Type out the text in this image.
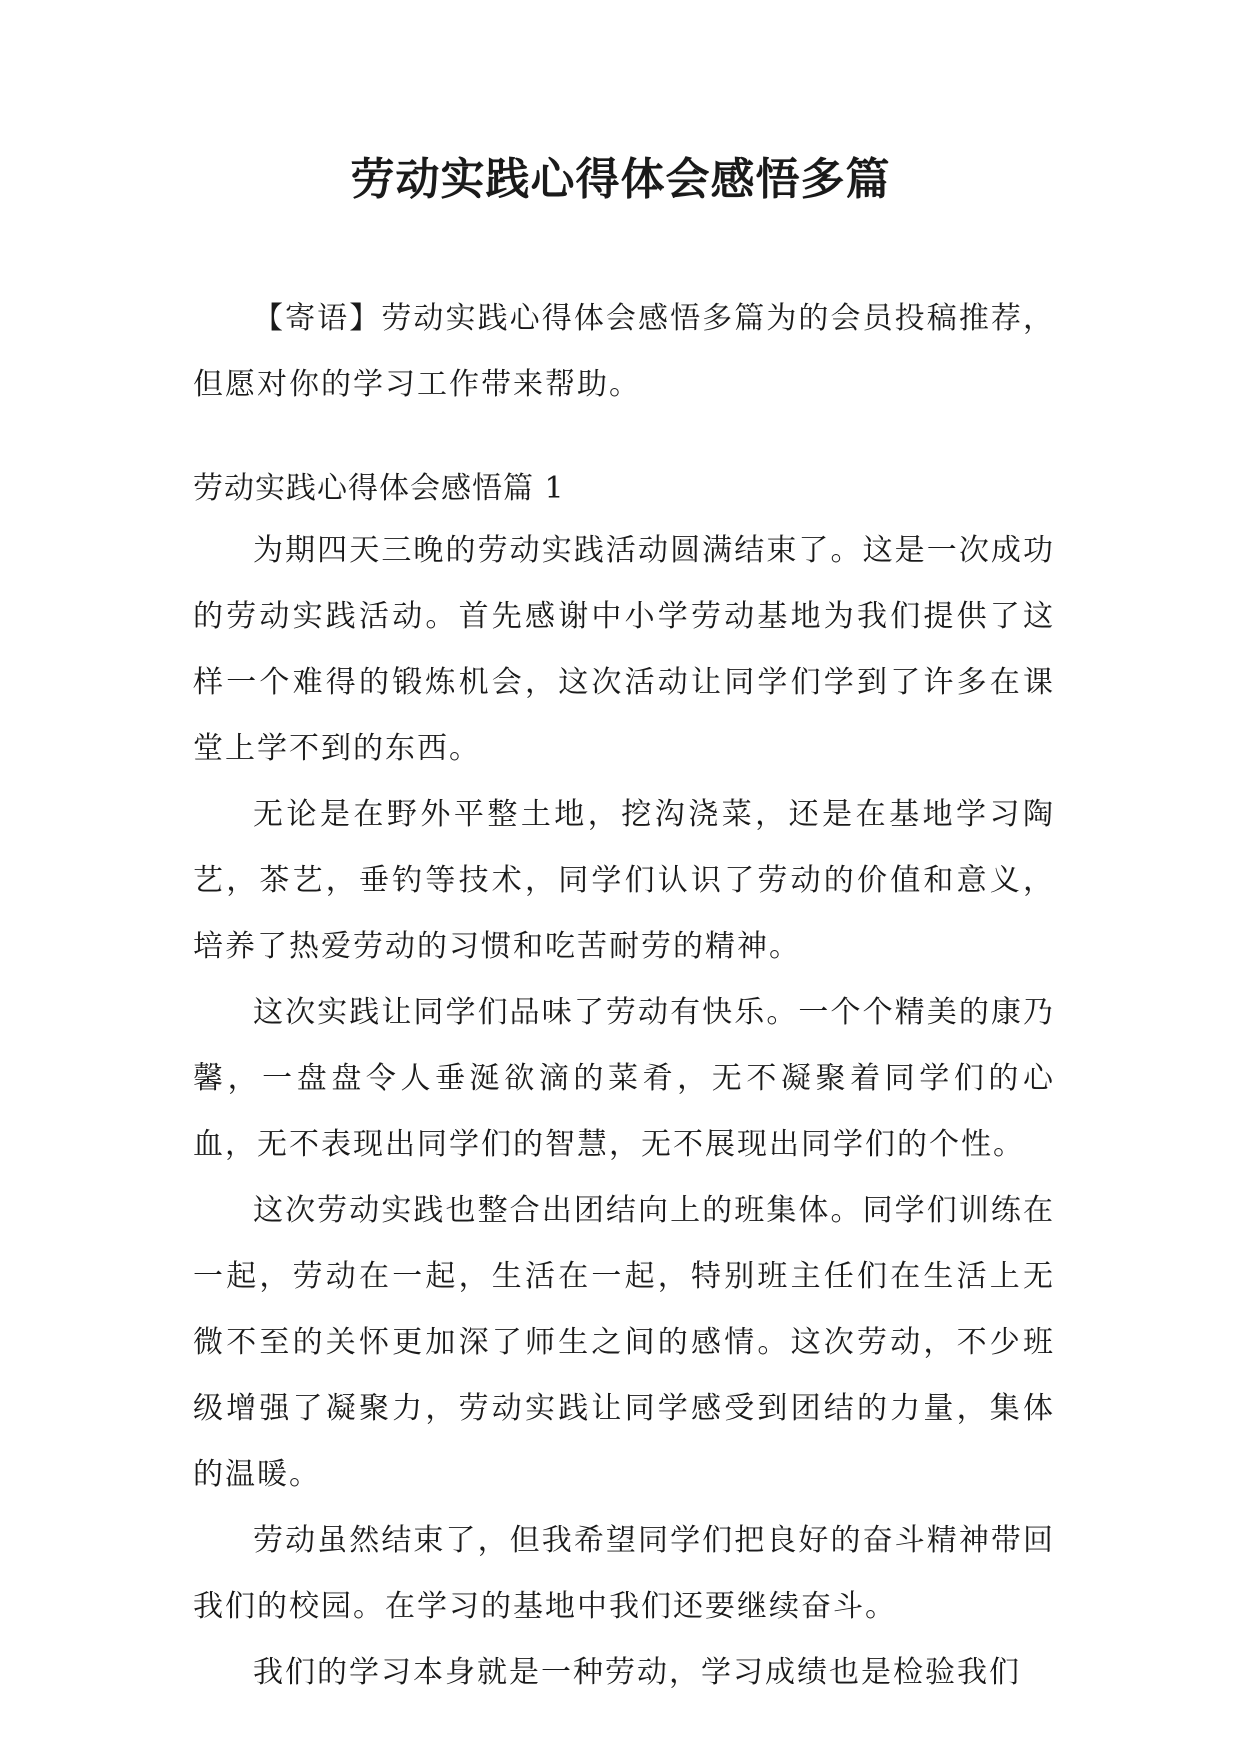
劳动实践心得体会感悟多篇

【寄语】劳动实践心得体会感悟多篇为的会员投稿推荐，但愿对你的学习工作带来帮助。

劳动实践心得体会感悟篇 1

为期四天三晚的劳动实践活动圆满结束了。这是一次成功的劳动实践活动。首先感谢中小学劳动基地为我们提供了这样一个难得的锻炼机会，这次活动让同学们学到了许多在课堂上学不到的东西。

无论是在野外平整土地，挖沟浇菜，还是在基地学习陶艺，茶艺，垂钓等技术，同学们认识了劳动的价值和意义，培养了热爱劳动的习惯和吃苦耐劳的精神。

这次实践让同学们品味了劳动有快乐。一个个精美的康乃馨，一盘盘令人垂涎欲滴的菜肴，无不凝聚着同学们的心血，无不表现出同学们的智慧，无不展现出同学们的个性。

这次劳动实践也整合出团结向上的班集体。同学们训练在一起，劳动在一起，生活在一起，特别班主任们在生活上无微不至的关怀更加深了师生之间的感情。这次劳动，不少班级增强了凝聚力，劳动实践让同学感受到团结的力量，集体的温暖。

劳动虽然结束了，但我希望同学们把良好的奋斗精神带回我们的校园。在学习的基地中我们还要继续奋斗。

我们的学习本身就是一种劳动，学习成绩也是检验我们
